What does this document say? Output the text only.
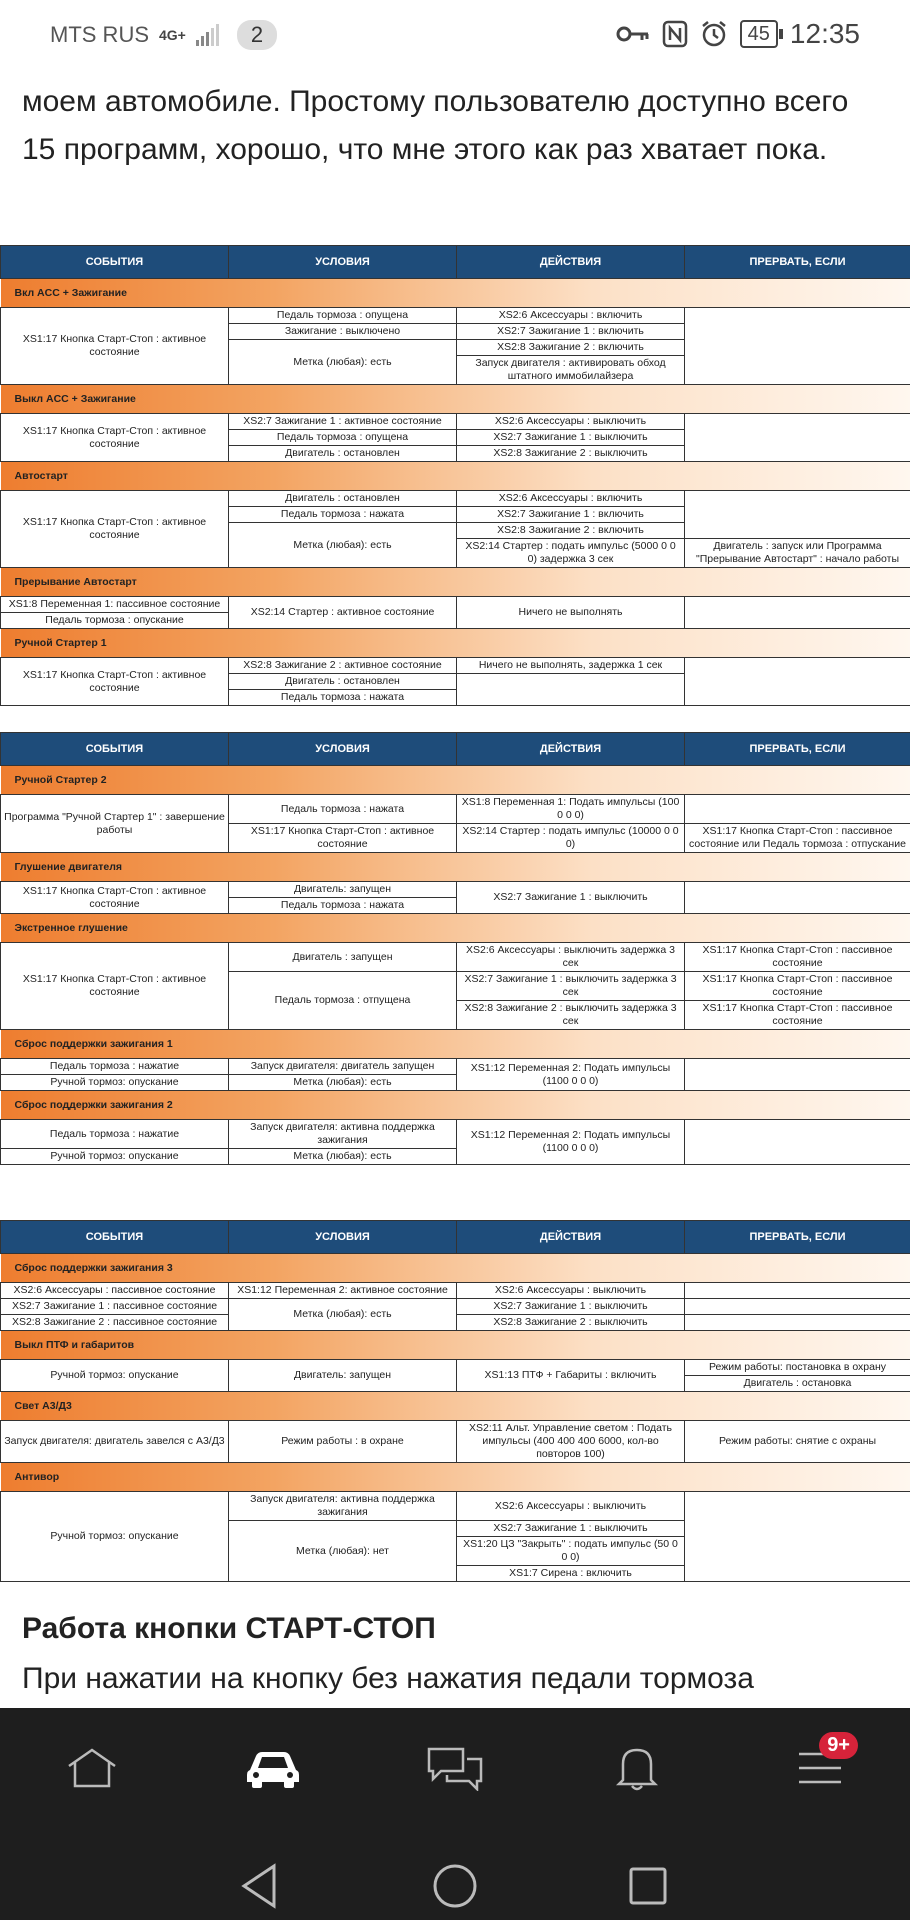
MTS RUS 4G+	2	45 12:35

моем автомобиле. Простому пользователю доступно всего 15 программ, хорошо, что мне этого как раз хватает пока.

СОБЫТИЯ	УСЛОВИЯ	ДЕЙСТВИЯ	ПРЕРВАТЬ, ЕСЛИ
Вкл ACC + Зажигание			
XS1:17 Кнопка Старт-Стоп : активное состояние	Педаль тормоза : опущена	XS2:6 Аксессуары : включить	
	Зажигание : выключено	XS2:7 Зажигание 1 : включить	
	Метка (любая): есть	XS2:8 Зажигание 2 : включить	
		Запуск двигателя : активировать обход штатного иммобилайзера	
Выкл ACC + Зажигание			
XS1:17 Кнопка Старт-Стоп : активное состояние	XS2:7 Зажигание 1 : активное состояние	XS2:6 Аксессуары : выключить	
	Педаль тормоза : опущена	XS2:7 Зажигание 1 : выключить	
	Двигатель : остановлен	XS2:8 Зажигание 2 : выключить	
Автостарт			
XS1:17 Кнопка Старт-Стоп : активное состояние	Двигатель : остановлен	XS2:6 Аксессуары : включить	
	Педаль тормоза : нажата	XS2:7 Зажигание 1 : включить	
	Метка (любая): есть	XS2:8 Зажигание 2 : включить	
		XS2:14 Стартер : подать импульс (5000 0 0 0) задержка 3 сек	Двигатель : запуск или Программа "Прерывание Автостарт" : начало работы
Прерывание Автостарт			
XS1:8 Переменная 1: пассивное состояние	XS2:14 Стартер : активное состояние	Ничего не выполнять	
Педаль тормоза : опускание			
Ручной Стартер 1			
XS1:17 Кнопка Старт-Стоп : активное состояние	XS2:8 Зажигание 2 : активное состояние	Ничего не выполнять, задержка 1 сек	
	Двигатель : остановлен		
	Педаль тормоза : нажата		
СОБЫТИЯ	УСЛОВИЯ	ДЕЙСТВИЯ	ПРЕРВАТЬ, ЕСЛИ
Ручной Стартер 2			
Программа "Ручной Стартер 1" : завершение работы	Педаль тормоза : нажата	XS1:8 Переменная 1: Подать импульсы (100 0 0 0)	
	XS1:17 Кнопка Старт-Стоп : активное состояние	XS2:14 Стартер : подать импульс (10000 0 0 0)	XS1:17 Кнопка Старт-Стоп : пассивное состояние или Педаль тормоза : отпускание
Глушение двигателя			
XS1:17 Кнопка Старт-Стоп : активное состояние	Двигатель: запущен	XS2:7 Зажигание 1 : выключить	
	Педаль тормоза : нажата		
Экстренное глушение			
XS1:17 Кнопка Старт-Стоп : активное состояние	Двигатель : запущен	XS2:6 Аксессуары : выключить задержка 3 сек	XS1:17 Кнопка Старт-Стоп : пассивное состояние
	Педаль тормоза : отпущена	XS2:7 Зажигание 1 : выключить задержка 3 сек	XS1:17 Кнопка Старт-Стоп : пассивное состояние
		XS2:8 Зажигание 2 : выключить задержка 3 сек	XS1:17 Кнопка Старт-Стоп : пассивное состояние
Сброс поддержки зажигания 1			
Педаль тормоза : нажатие	Запуск двигателя: двигатель запущен	XS1:12 Переменная 2: Подать импульсы (1100 0 0 0)	
Ручной тормоз: опускание	Метка (любая): есть		
Сброс поддержки зажигания 2			
Педаль тормоза : нажатие	Запуск двигателя: активна поддержка зажигания	XS1:12 Переменная 2: Подать импульсы (1100 0 0 0)	
Ручной тормоз: опускание	Метка (любая): есть		
СОБЫТИЯ	УСЛОВИЯ	ДЕЙСТВИЯ	ПРЕРВАТЬ, ЕСЛИ
Сброс поддержки зажигания 3			
XS2:6 Аксессуары : пассивное состояние	XS1:12 Переменная 2: активное состояние	XS2:6 Аксессуары : выключить	
XS2:7 Зажигание 1 : пассивное состояние	Метка (любая): есть	XS2:7 Зажигание 1 : выключить	
XS2:8 Зажигание 2 : пассивное состояние		XS2:8 Зажигание 2 : выключить	
Выкл ПТФ и габаритов			
Ручной тормоз: опускание	Двигатель: запущен	XS1:13 ПТФ + Габариты : включить	Режим работы: постановка в охрану
			Двигатель : остановка
Свет А3/Д3			
Запуск двигателя: двигатель завелся с А3/Д3	Режим работы : в охране	XS2:11 Альт. Управление светом : Подать импульсы (400 400 400 6000, кол-во повторов 100)	Режим работы: снятие с охраны
Антивор			
Ручной тормоз: опускание	Запуск двигателя: активна поддержка зажигания	XS2:6 Аксессуары : выключить	
	Метка (любая): нет	XS2:7 Зажигание 1 : выключить	
		XS1:20 ЦЗ "Закрыть" : подать импульс (50 0 0 0)	
		XS1:7 Сирена : включить	
Работа кнопки СТАРТ-СТОП

При нажатии на кнопку без нажатия педали тормоза

9+
